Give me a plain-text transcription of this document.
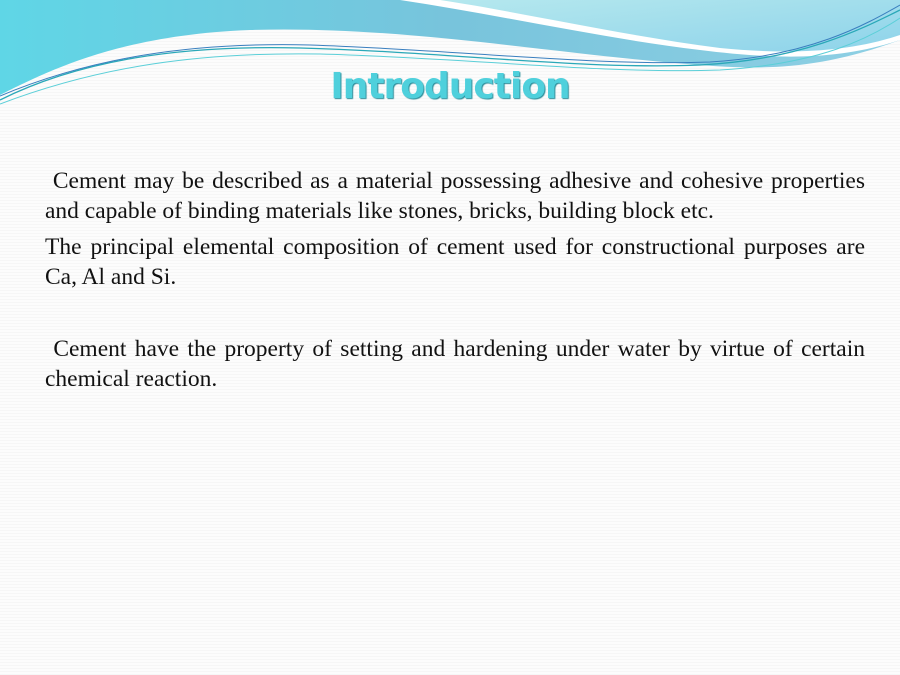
Introduction

Cement may be described as a material possessing adhesive and cohesive properties and capable of binding materials like stones, bricks, building block etc.

The principal elemental composition of cement used for constructional purposes are Ca, Al and Si.

Cement have the property of setting and hardening under water by virtue of certain chemical reaction.
